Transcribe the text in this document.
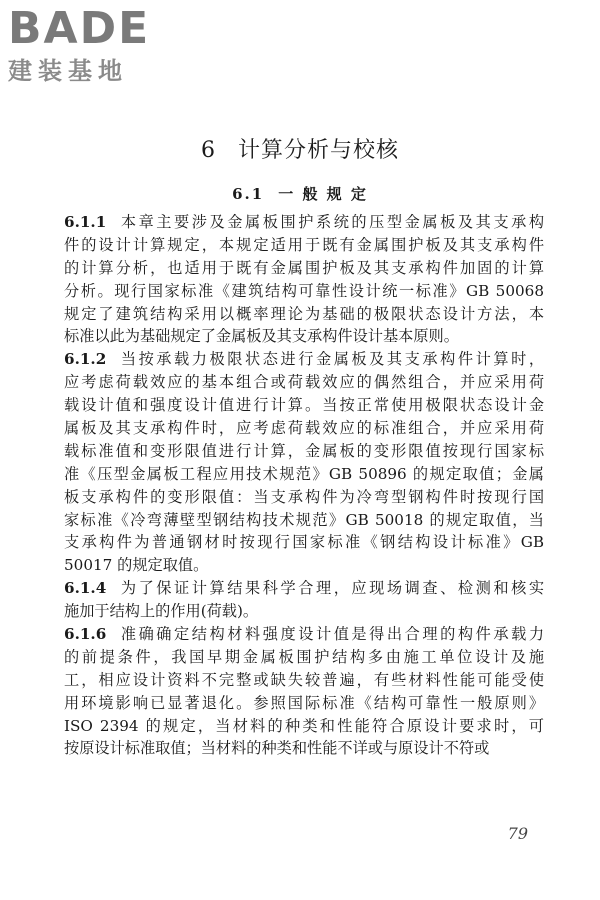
BADE
建装基地
6 计算分析与校核
6.1 一 般 规 定
6.1.1 本章主要涉及金属板围护系统的压型金属板及其支承构
件的设计计算规定，本规定适用于既有金属围护板及其支承构件
的计算分析，也适用于既有金属围护板及其支承构件加固的计算
分析。现行国家标准《建筑结构可靠性设计统一标准》GB 50068
规定了建筑结构采用以概率理论为基础的极限状态设计方法，本
标准以此为基础规定了金属板及其支承构件设计基本原则。
6.1.2 当按承载力极限状态进行金属板及其支承构件计算时，
应考虑荷载效应的基本组合或荷载效应的偶然组合，并应采用荷
载设计值和强度设计值进行计算。当按正常使用极限状态设计金
属板及其支承构件时，应考虑荷载效应的标准组合，并应采用荷
载标准值和变形限值进行计算，金属板的变形限值按现行国家标
准《压型金属板工程应用技术规范》GB 50896 的规定取值；金属
板支承构件的变形限值：当支承构件为冷弯型钢构件时按现行国
家标准《冷弯薄壁型钢结构技术规范》GB 50018 的规定取值，当
支承构件为普通钢材时按现行国家标准《钢结构设计标准》GB
50017 的规定取值。
6.1.4 为了保证计算结果科学合理，应现场调查、检测和核实
施加于结构上的作用(荷载)。
6.1.6 准确确定结构材料强度设计值是得出合理的构件承载力
的前提条件，我国早期金属板围护结构多由施工单位设计及施
工，相应设计资料不完整或缺失较普遍，有些材料性能可能受使
用环境影响已显著退化。参照国际标准《结构可靠性一般原则》
ISO 2394 的规定，当材料的种类和性能符合原设计要求时，可
按原设计标准取值；当材料的种类和性能不详或与原设计不符或
79
